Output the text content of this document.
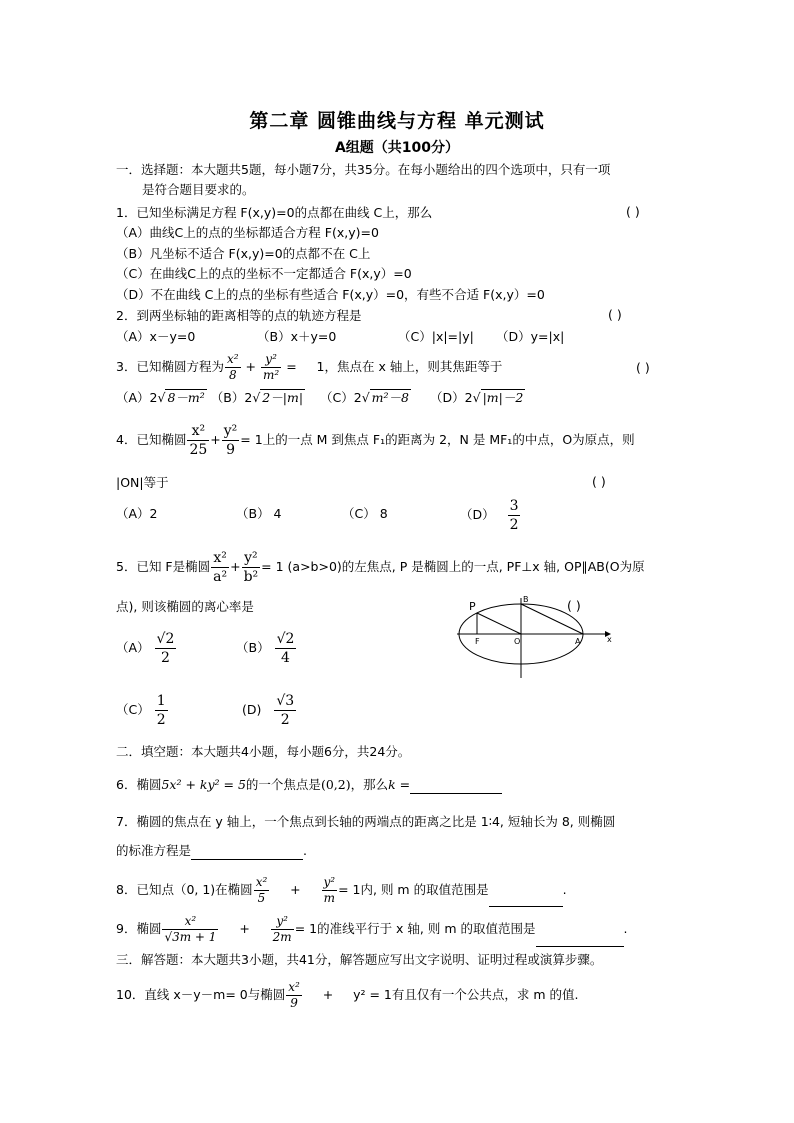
第二章 圆锥曲线与方程 单元测试
A组题（共100分）
一．选择题：本大题共5题，每小题7分，共35分。在每小题给出的四个选项中，只有一项
是符合题目要求的。
1．已知坐标满足方程 F(x,y)=0的点都在曲线 C上，那么	( )
（A）曲线C上的点的坐标都适合方程 F(x,y)=0
（B）凡坐标不适合 F(x,y)=0的点都不在 C上
（C）在曲线C上的点的坐标不一定都适合 F(x,y）=0
（D）不在曲线 C上的点的坐标有些适合 F(x,y）=0，有些不合适 F(x,y）=0
2．到两坐标轴的距离相等的点的轨迹方程是	( )
（A）x－y=0	（B）x＋y=0	（C）|x|=|y| （D）y=|x|
3．已知椭圆方程为 $\frac{\text{x²}}{8} + \frac{\text{y²}}{\text{m²}} = 1$，焦点在 x 轴上，则其焦距等于	( )
（A）2√ 8－m² （B）2√ 2－|m| （C）2√ m²－8 （D）2√ |m|－2
4．已知椭圆 $\frac{\text{x²}}{25} + \frac{\text{y²}}{9} = 1$上的一点 M 到焦点 F₁的距离为 2，N 是 MF₁的中点，O为原点，则
|ON|等于	( )
（A）2	（B） 4	（C） 8	$(D) \frac{3}{2}$
5．已知 F是椭圆 $\frac{\text{x²}}{\text{a²}} + \frac{\text{y²}}{\text{b²}} = 1$ (a>b>0)的左焦点, P 是椭圆上的一点, PF⊥x 轴, OP∥AB(O为原
点), 则该椭圆的离心率是	( )
P
F	O	A
B
x
$(A) \frac{√2}{2}$	$(B) \frac{√2}{4}$
$(C) \frac{1}{2}$	$(D) \frac{√3}{2}$
二．填空题：本大题共4小题，每小题6分，共24分。
6．椭圆5x² + ky² = 5的一个焦点是(0,2)，那么k =
7．椭圆的焦点在 y 轴上，一个焦点到长轴的两端点的距离之比是 1∶4, 短轴长为 8, 则椭圆
的标准方程是	.
8．已知点（0, 1)在椭圆 $\frac{\text{x²}}{5} + \frac{\text{y²}}{m} = 1$内, 则 m 的取值范围是	.
9．椭圆 $\frac{\text{x²}}{√3m + 1} + \frac{\text{y²}}{2m} = 1$的准线平行于 x 轴, 则 m 的取值范围是	.
三．解答题：本大题共3小题，共41分，解答题应写出文字说明、证明过程或演算步骤。
10．直线 x－y－m= 0与椭圆 $\frac{\text{x²}}{9} + y^2 = 1$有且仅有一个公共点，求 m 的值.
